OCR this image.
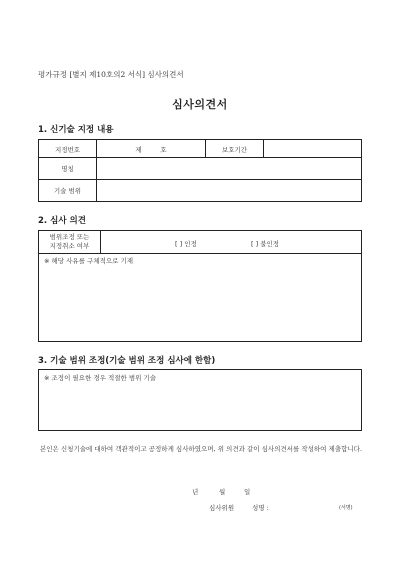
평가규정 [별지 제10호의2 서식] 심사의견서
심사의견서
1. 신기술 지정 내용
지정번호	제         호	보호기간
명칭
기술 범위
2. 심사 의견
범위조정 또는
지정취소 여부	[ ] 인정	[ ] 불인정
※ 해당 사유를 구체적으로 기재
3. 기술 범위 조정(기술 범위 조정 심사에 한함)
※ 조정이 필요한 경우 적절한 범위 기술
본인은 신청기술에 대하여 객관적이고 공정하게 심사하였으며, 위 의견과 같이 심사의견서를 작성하여 제출합니다.
년	월	일
심사위원	성명 :	(서명)
